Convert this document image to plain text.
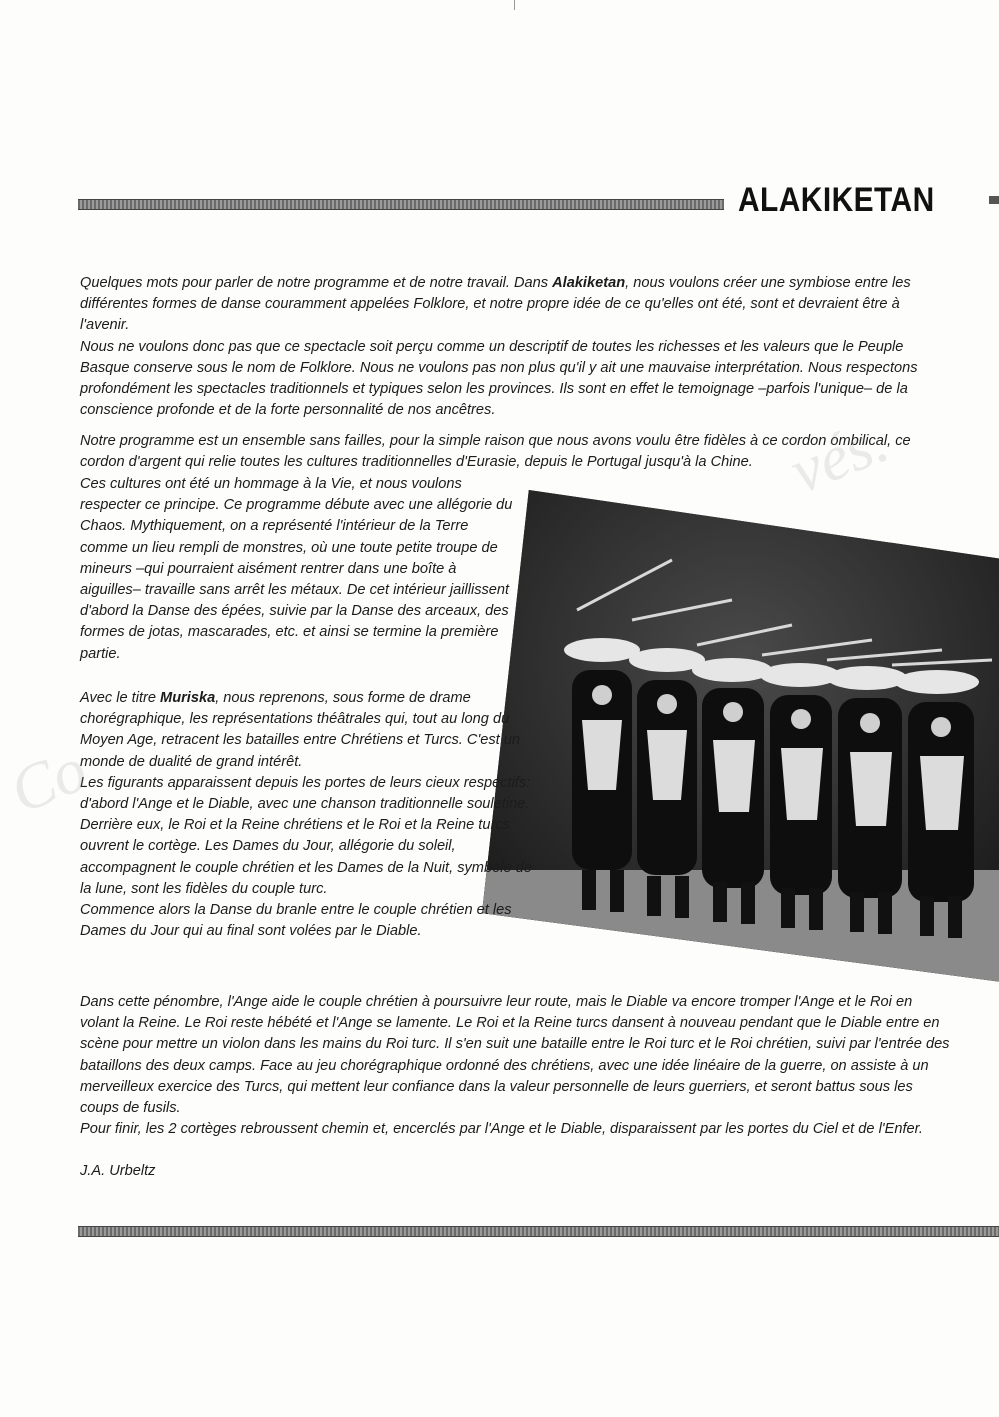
ALAKIKETAN

Quelques mots pour parler de notre programme et de notre travail. Dans Alakiketan, nous voulons créer une symbiose entre les différentes formes de danse couramment appelées Folklore, et notre propre idée de ce qu'elles ont été, sont et devraient être à l'avenir.
Nous ne voulons donc pas que ce spectacle soit perçu comme un descriptif de toutes les richesses et les valeurs que le Peuple Basque conserve sous le nom de Folklore. Nous ne voulons pas non plus qu'il y ait une mauvaise interprétation. Nous respectons profondément les spectacles traditionnels et typiques selon les provinces. Ils sont en effet le temoignage –parfois l'unique– de la conscience profonde et de la forte personnalité de nos ancêtres.

Notre programme est un ensemble sans failles, pour la simple raison que nous avons voulu être fidèles à ce cordon ombilical, ce cordon d'argent qui relie toutes les cultures traditionnelles d'Eurasie, depuis le Portugal jusqu'à la Chine.

Ces cultures ont été un hommage à la Vie, et nous voulons respecter ce principe. Ce programme débute avec une allégorie du Chaos. Mythiquement, on a représenté l'intérieur de la Terre comme un lieu rempli de monstres, où une toute petite troupe de mineurs –qui pourraient aisément rentrer dans une boîte à aiguilles– travaille sans arrêt les métaux. De cet intérieur jaillissent d'abord la Danse des épées, suivie par la Danse des arceaux, des formes de jotas, mascarades, etc. et ainsi se termine la première partie.

Avec le titre Muriska, nous reprenons, sous forme de drame chorégraphique, les représentations théâtrales qui, tout au long du Moyen Age, retracent les batailles entre Chrétiens et Turcs. C'est un monde de dualité de grand intérêt.
Les figurants apparaissent depuis les portes de leurs cieux respectifs: d'abord l'Ange et le Diable, avec une chanson traditionnelle souletine.
Derrière eux, le Roi et la Reine chrétiens et le Roi et la Reine turcs ouvrent le cortège. Les Dames du Jour, allégorie du soleil, accompagnent le couple chrétien et les Dames de la Nuit, symbole de la lune, sont les fidèles du couple turc.
Commence alors la Danse du branle entre le couple chrétien et les Dames du Jour qui au final sont volées par le Diable.

Dans cette pénombre, l'Ange aide le couple chrétien à poursuivre leur route, mais le Diable va encore tromper l'Ange et le Roi en volant la Reine. Le Roi reste hébété et l'Ange se lamente. Le Roi et la Reine turcs dansent à nouveau pendant que le Diable entre en scène pour mettre un violon dans les mains du Roi turc. Il s'en suit une bataille entre le Roi turc et le Roi chrétien, suivi par l'entrée des bataillons des deux camps. Face au jeu chorégraphique ordonné des chrétiens, avec une idée linéaire de la guerre, on assiste à un merveilleux exercice des Turcs, qui mettent leur confiance dans la valeur personnelle de leurs guerriers, et seront battus sous les coups de fusils.
Pour finir, les 2 cortèges rebroussent chemin et, encerclés par l'Ange et le Diable, disparaissent par les portes du Ciel et de l'Enfer.

J.A. Urbeltz

Co
vés.
